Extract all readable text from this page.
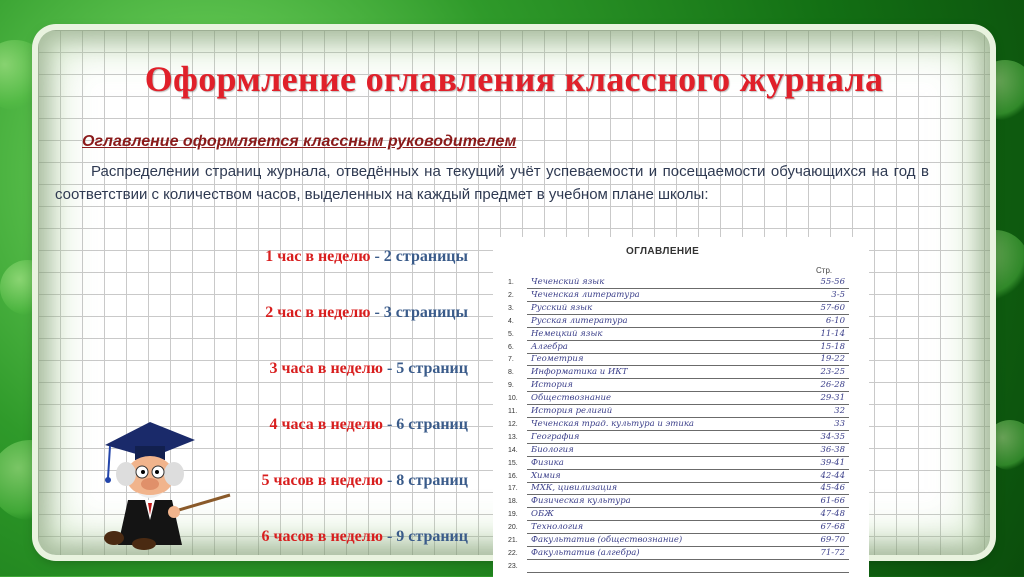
Оформление оглавления классного журнала
Оглавление оформляется классным руководителем
Распределении страниц журнала, отведённых на текущий учёт успеваемости и посещаемости обучающихся на год в соответствии с количеством часов, выделенных на каждый предмет в учебном плане школы:
1 час в неделю - 2 страницы
2 час в неделю - 3 страницы
3 часа в неделю - 5 страниц
4 часа в неделю - 6 страниц
5 часов в неделю - 8 страниц
6 часов в неделю - 9 страниц
ОГЛАВЛЕНИЕ
Стр.
1.	Чеченский язык	55-56
2.	Чеченская литература	3-5
3.	Русский язык	57-60
4.	Русская литература	6-10
5.	Немецкий язык	11-14
6.	Алгебра	15-18
7.	Геометрия	19-22
8.	Информатика и ИКТ	23-25
9.	История	26-28
10.	Обществознание	29-31
11.	История религий	32
12.	Чеченская трад. культура и этика	33
13.	География	34-35
14.	Биология	36-38
15.	Физика	39-41
16.	Химия	42-44
17.	МХК, цивилизация	45-46
18.	Физическая культура	61-66
19.	ОБЖ	47-48
20.	Технология	67-68
21.	Факультатив (обществознание)	69-70
22.	Факультатив (алгебра)	71-72
23.
